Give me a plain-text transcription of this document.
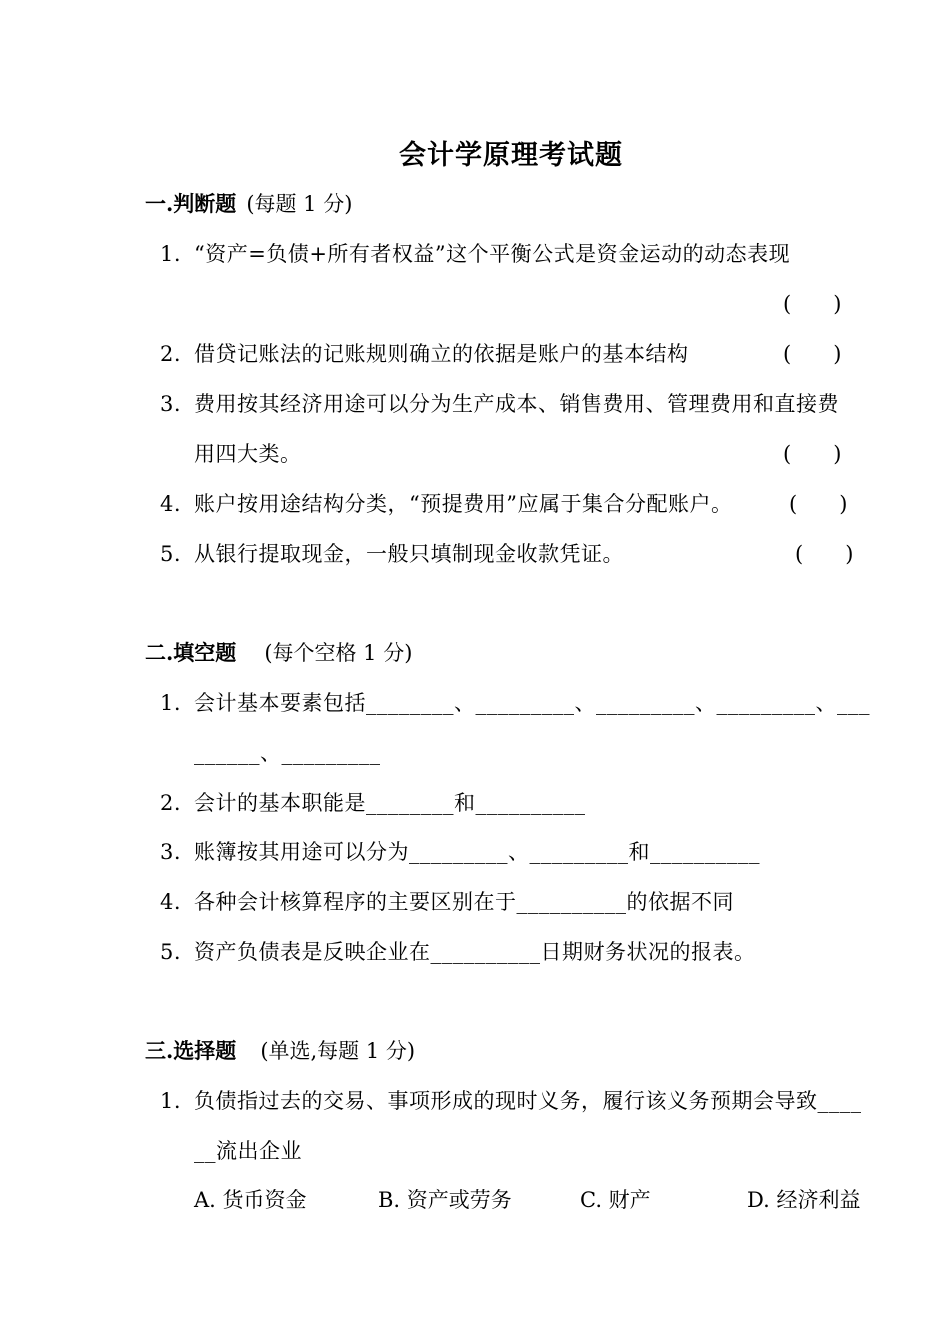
会计学原理考试题
一.判断题 (每题 1 分)
1. “资产=负债+所有者权益”这个平衡公式是资金运动的动态表现
(　　)
2. 借贷记账法的记账规则确立的依据是账户的基本结构	(　　)
3. 费用按其经济用途可以分为生产成本、销售费用、管理费用和直接费
用四大类。	(　　)
4. 账户按用途结构分类，“预提费用”应属于集合分配账户。	(　　)
5. 从银行提取现金，一般只填制现金收款凭证。	(　　)
二.填空题 (每个空格 1 分)
1. 会计基本要素包括________、_________、_________、_________、___
______、_________
2. 会计的基本职能是________和__________
3. 账簿按其用途可以分为_________、_________和__________
4. 各种会计核算程序的主要区别在于__________的依据不同
5. 资产负债表是反映企业在__________日期财务状况的报表。
三.选择题 (单选,每题 1 分)
1. 负债指过去的交易、事项形成的现时义务，履行该义务预期会导致____
__流出企业
A. 货币资金	B. 资产或劳务	C. 财产	D. 经济利益
